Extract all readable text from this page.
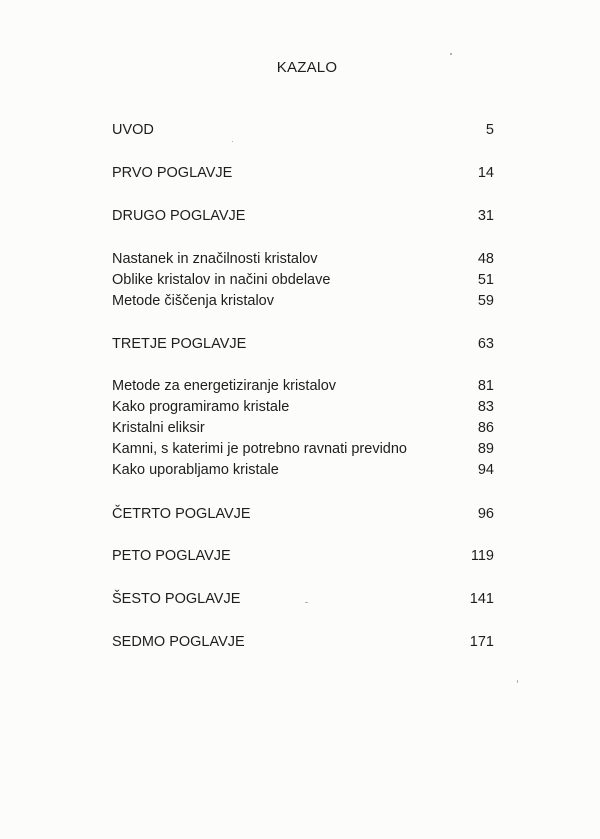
KAZALO
UVOD	5
PRVO POGLAVJE	14
DRUGO POGLAVJE	31
Nastanek in značilnosti kristalov	48
Oblike kristalov in načini obdelave	51
Metode čiščenja kristalov	59
TRETJE POGLAVJE	63
Metode za energetiziranje kristalov	81
Kako programiramo kristale	83
Kristalni eliksir	86
Kamni, s katerimi je potrebno ravnati previdno	89
Kako uporabljamo kristale	94
ČETRTO POGLAVJE	96
PETO POGLAVJE	119
ŠESTO POGLAVJE	141
SEDMO POGLAVJE	171
